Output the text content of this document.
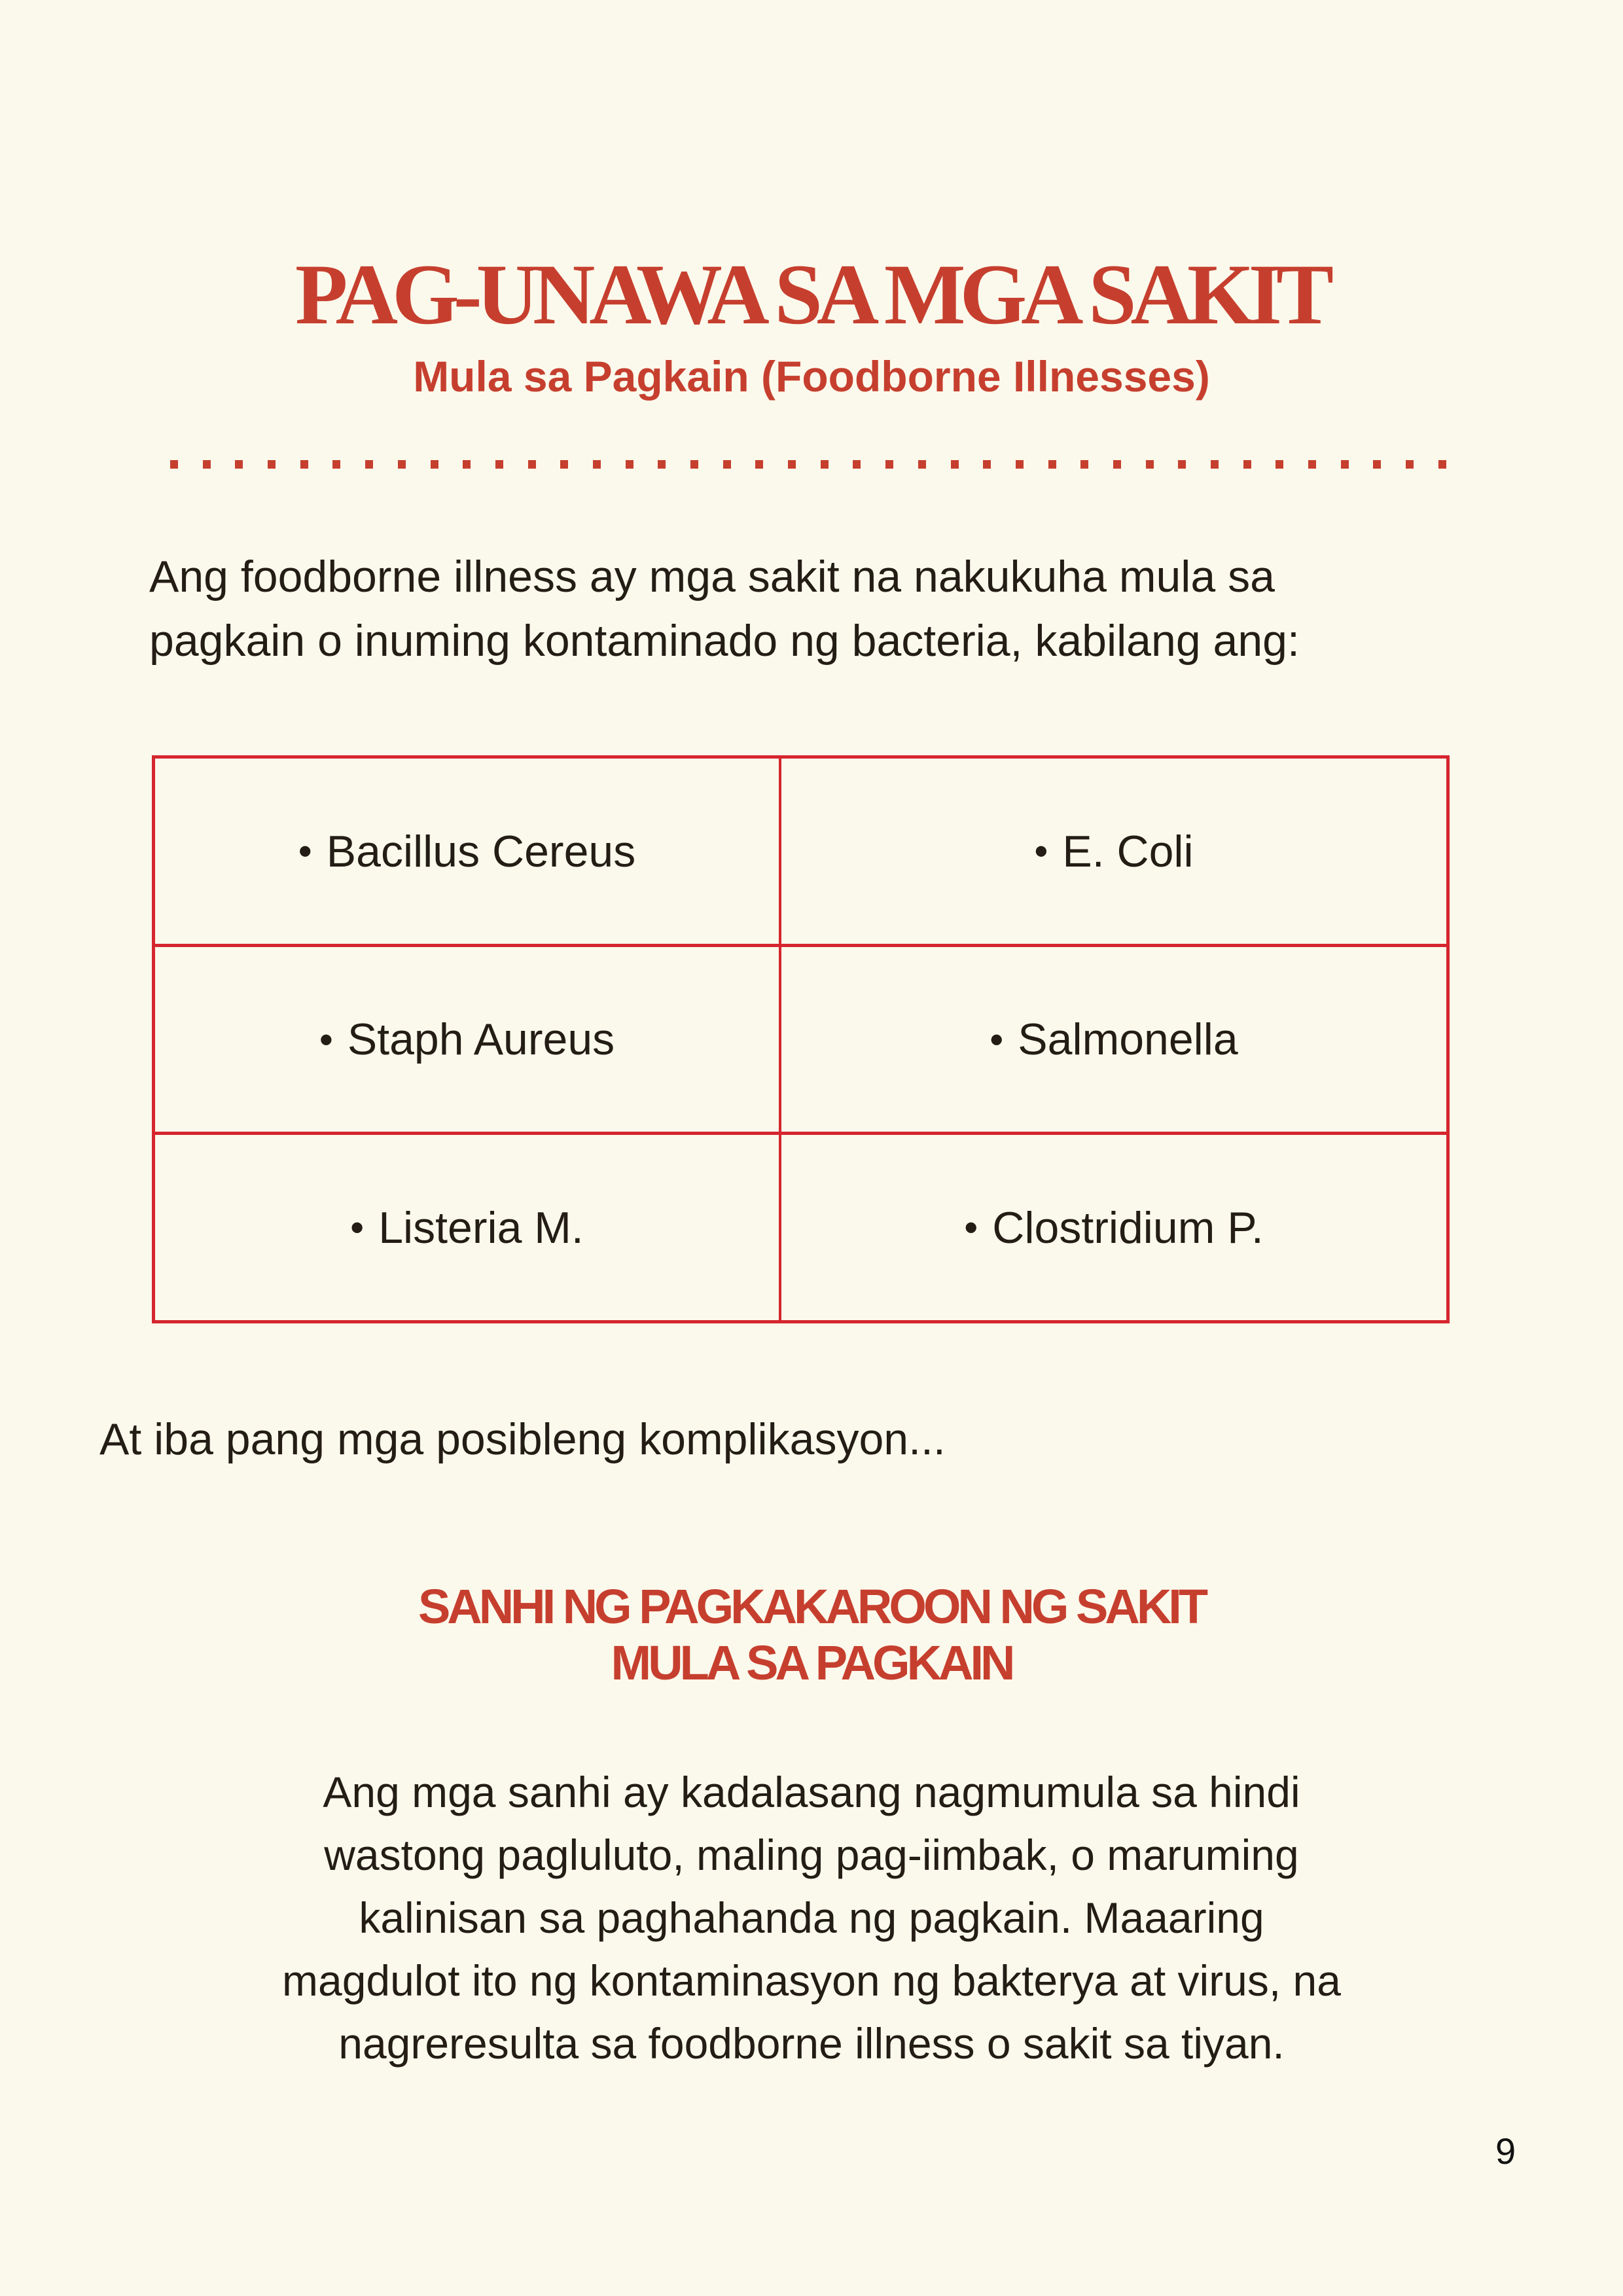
PAG-UNAWA SA MGA SAKIT
Mula sa Pagkain (Foodborne Illnesses)
Ang foodborne illness ay mga sakit na nakukuha mula sa
pagkain o inuming kontaminado ng bacteria, kabilang ang:
• Bacillus Cereus	• E. Coli
• Staph Aureus	• Salmonella
• Listeria M.	• Clostridium P.
At iba pang mga posibleng komplikasyon...
SANHI NG PAGKAKAROON NG SAKIT
MULA SA PAGKAIN
Ang mga sanhi ay kadalasang nagmumula sa hindi
wastong pagluluto, maling pag-iimbak, o maruming
kalinisan sa paghahanda ng pagkain. Maaaring
magdulot ito ng kontaminasyon ng bakterya at virus, na
nagreresulta sa foodborne illness o sakit sa tiyan.
9
